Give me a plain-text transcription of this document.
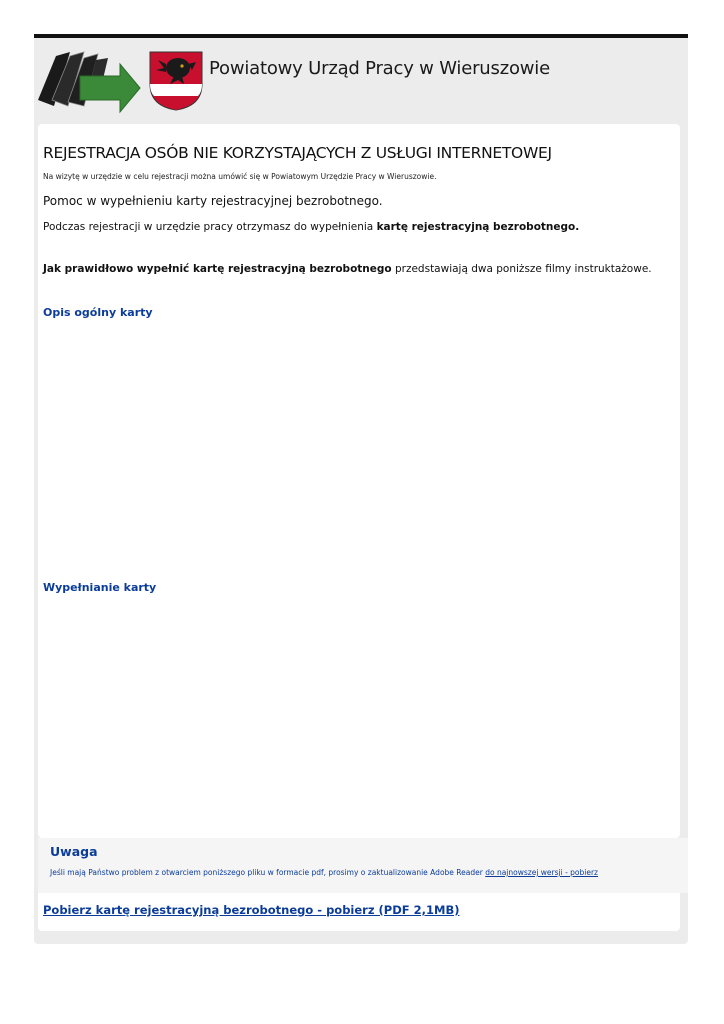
Powiatowy Urząd Pracy w Wieruszowie
REJESTRACJA OSÓB NIE KORZYSTAJĄCYCH Z USŁUGI INTERNETOWEJ
Na wizytę w urzędzie w celu rejestracji można umówić się w Powiatowym Urzędzie Pracy w Wieruszowie.
Pomoc w wypełnieniu karty rejestracyjnej bezrobotnego.
Podczas rejestracji w urzędzie pracy otrzymasz do wypełnienia kartę rejestracyjną bezrobotnego.
Jak prawidłowo wypełnić kartę rejestracyjną bezrobotnego przedstawiają dwa poniższe filmy instruktażowe.
Opis ogólny karty
Wypełnianie karty
Uwaga
Jeśli mają Państwo problem z otwarciem poniższego pliku w formacie pdf, prosimy o zaktualizowanie Adobe Reader do najnowszej wersji - pobierz
Pobierz kartę rejestracyjną bezrobotnego - pobierz (PDF 2,1MB)
